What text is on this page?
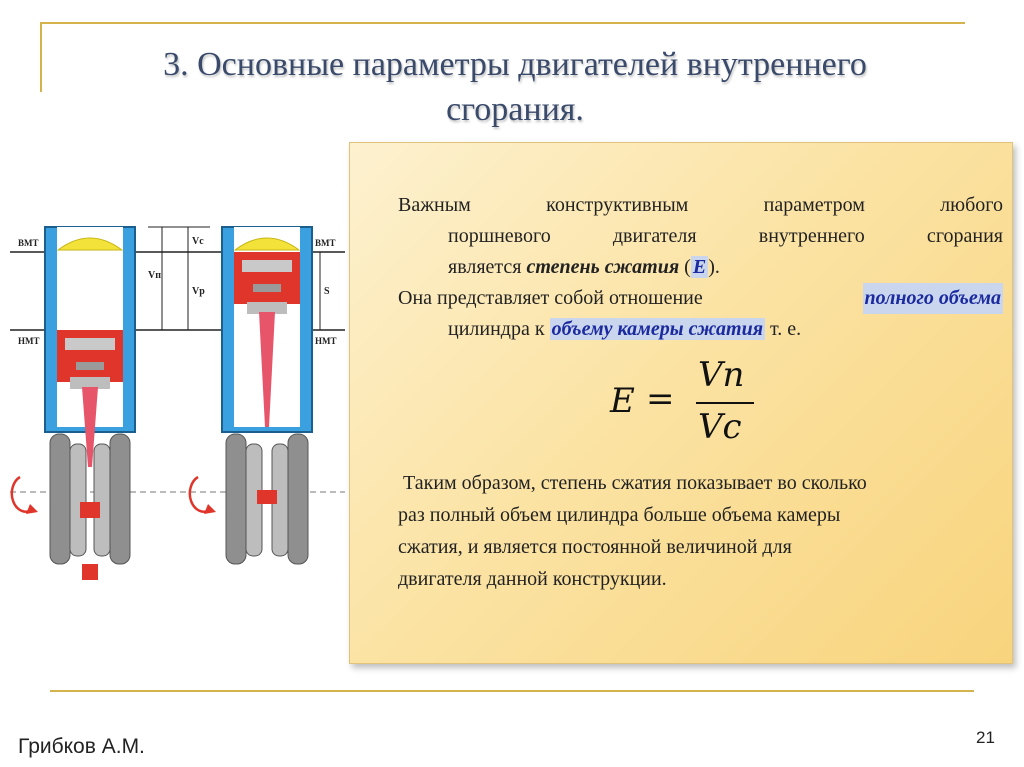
3. Основные параметры двигателей внутреннего
сгорания.
ВМТ
НМТ
ВМТ
НМТ
Vc
Vп
Vp	S
Важным	конструктивным	параметром	любого
поршневого двигателя внутреннего сгорания
является степень сжатия ( E ).
Она представляет собой отношение	полного объема
цилиндра к объему камеры сжатия т. е.
E =
Vn
Vc
Таким образом, степень сжатия показывает во сколько
раз полный объем цилиндра больше объема камеры
сжатия, и является постоянной величиной для
двигателя данной конструкции.
Грибков А.М.	21
